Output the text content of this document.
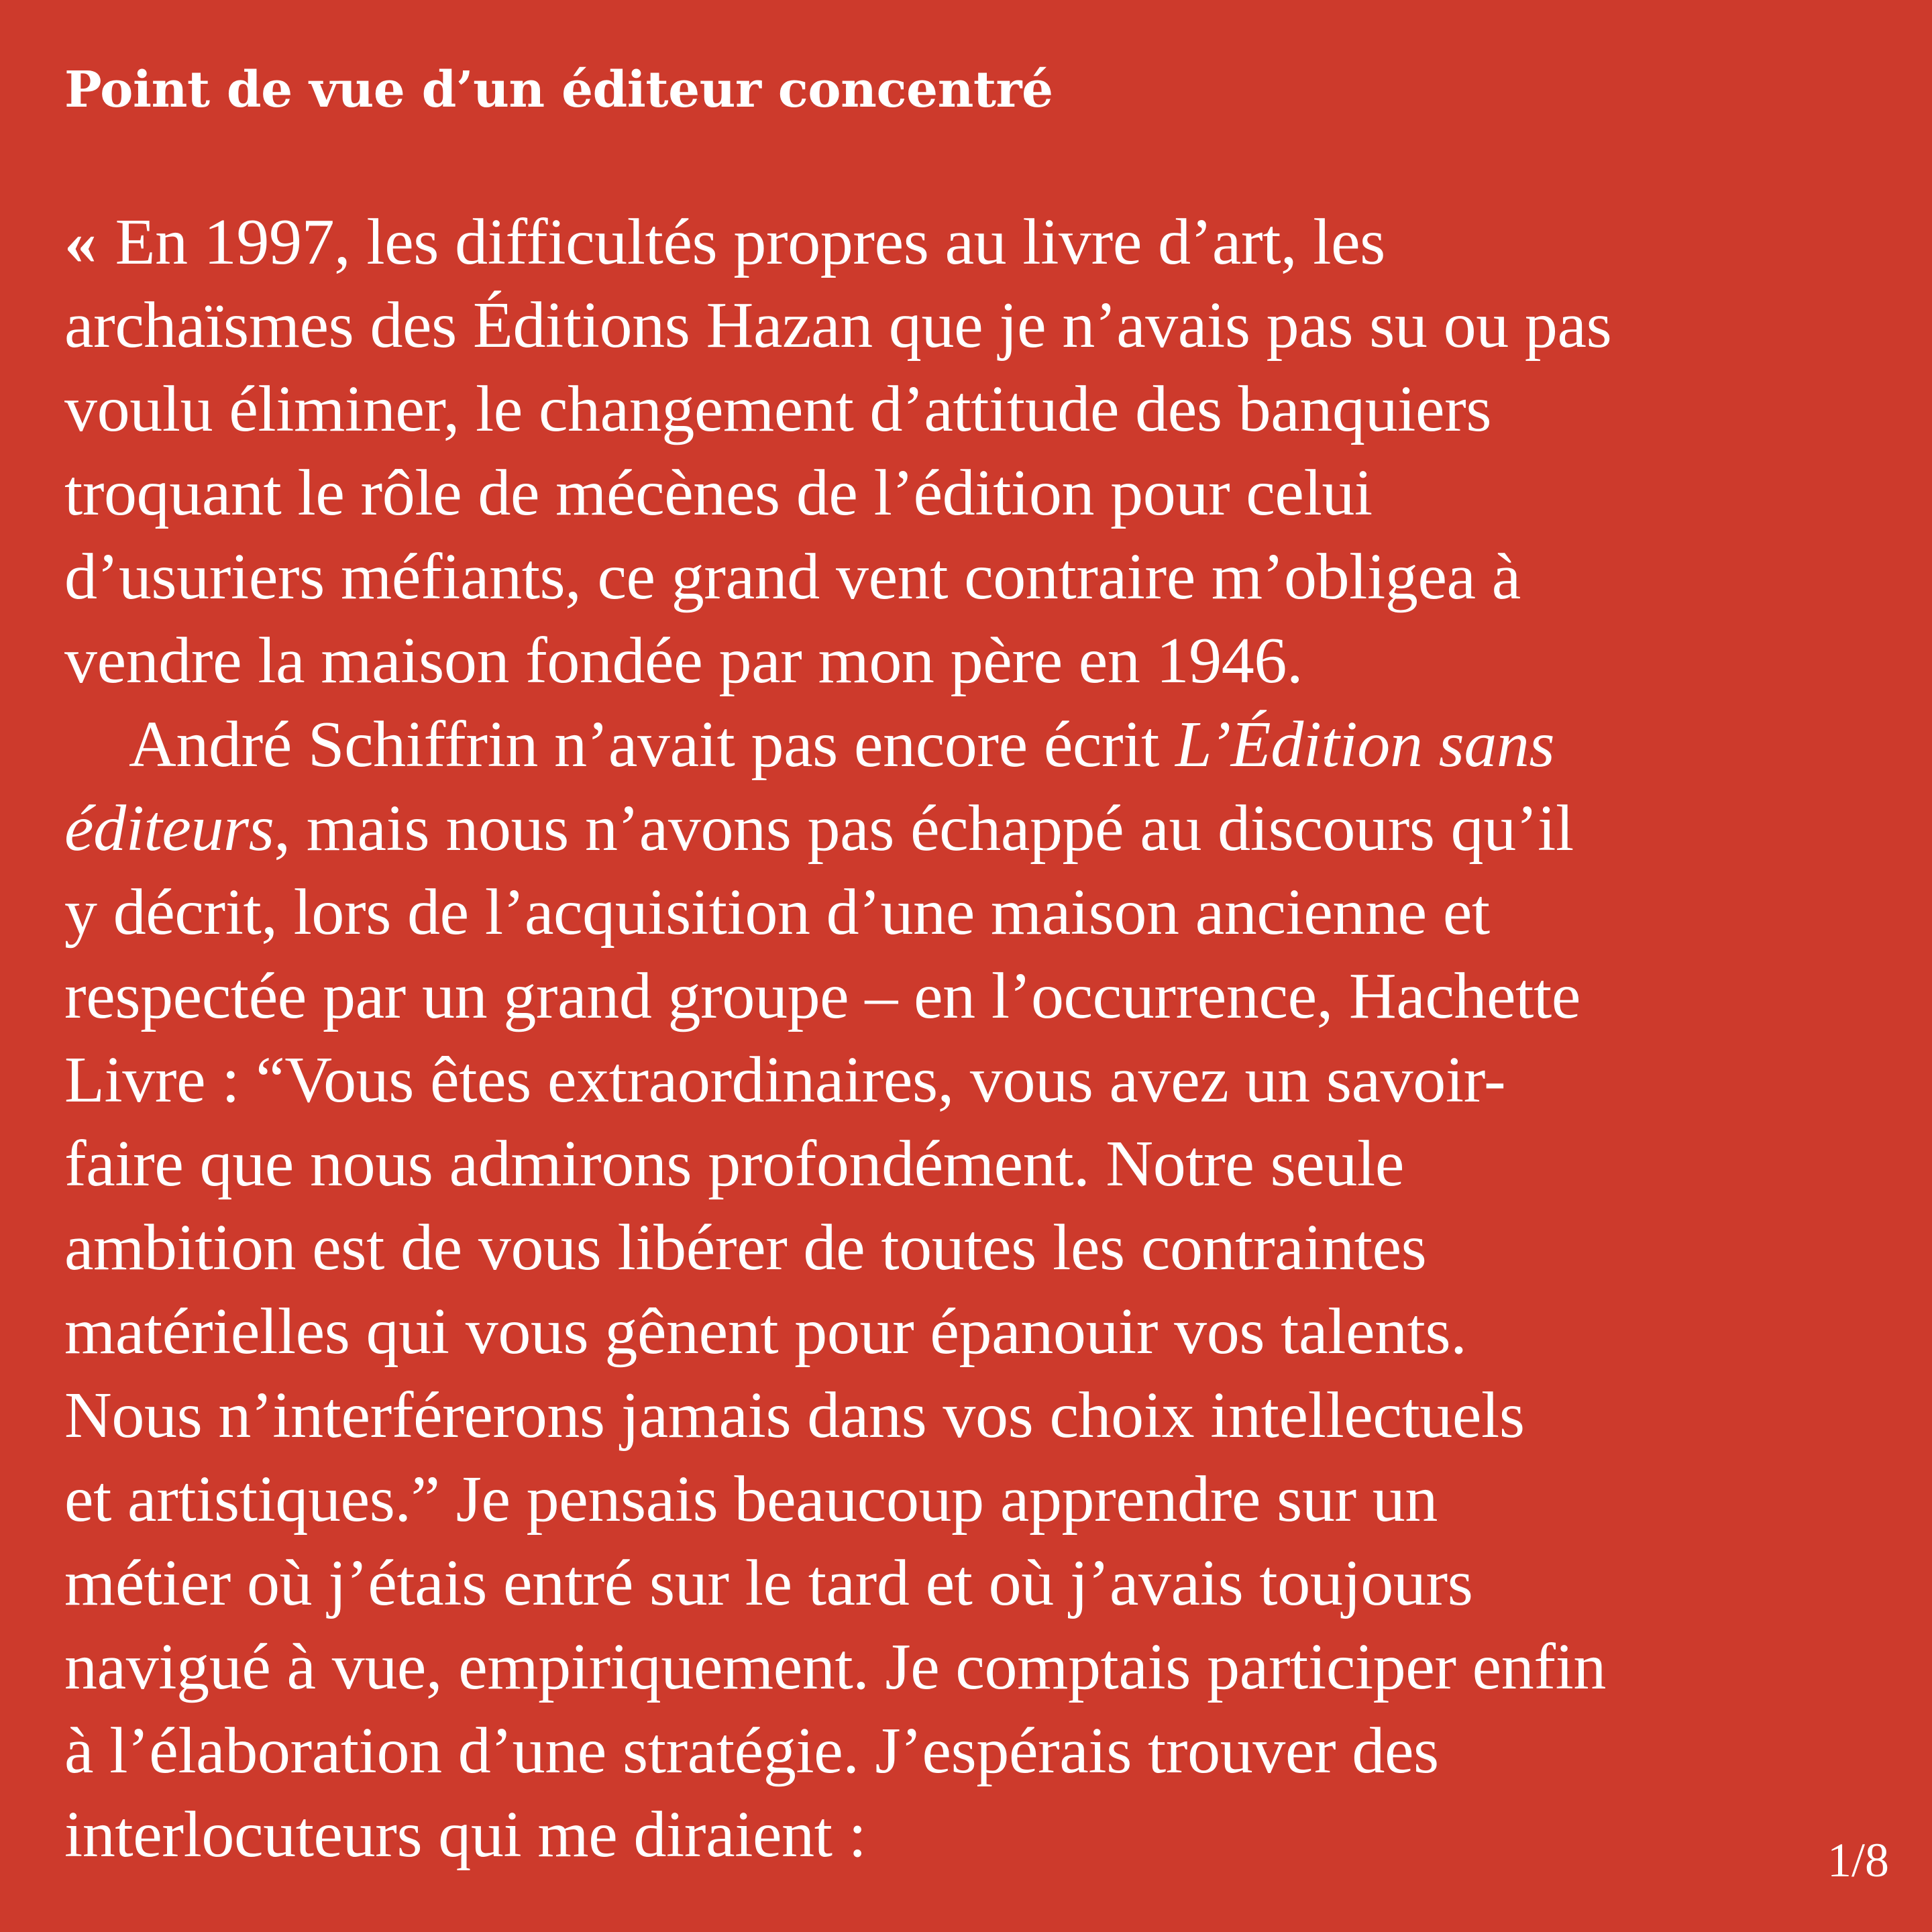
Point de vue d’un éditeur concentré
« En 1997, les difficultés propres au livre d’art, les
archaïsmes des Éditions Hazan que je n’avais pas su ou pas
voulu éliminer, le changement d’attitude des banquiers
troquant le rôle de mécènes de l’édition pour celui
d’usuriers méfiants, ce grand vent contraire m’obligea à
vendre la maison fondée par mon père en 1946.
André Schiffrin n’avait pas encore écrit L’Édition sans
éditeurs, mais nous n’avons pas échappé au discours qu’il
y décrit, lors de l’acquisition d’une maison ancienne et
respectée par un grand groupe – en l’occurrence, Hachette
Livre : “Vous êtes extraordinaires, vous avez un savoir-
faire que nous admirons profondément. Notre seule
ambition est de vous libérer de toutes les contraintes
matérielles qui vous gênent pour épanouir vos talents.
Nous n’interférerons jamais dans vos choix intellectuels
et artistiques.” Je pensais beaucoup apprendre sur un
métier où j’étais entré sur le tard et où j’avais toujours
navigué à vue, empiriquement. Je comptais participer enfin
à l’élaboration d’une stratégie. J’espérais trouver des
interlocuteurs qui me diraient :	1/8
